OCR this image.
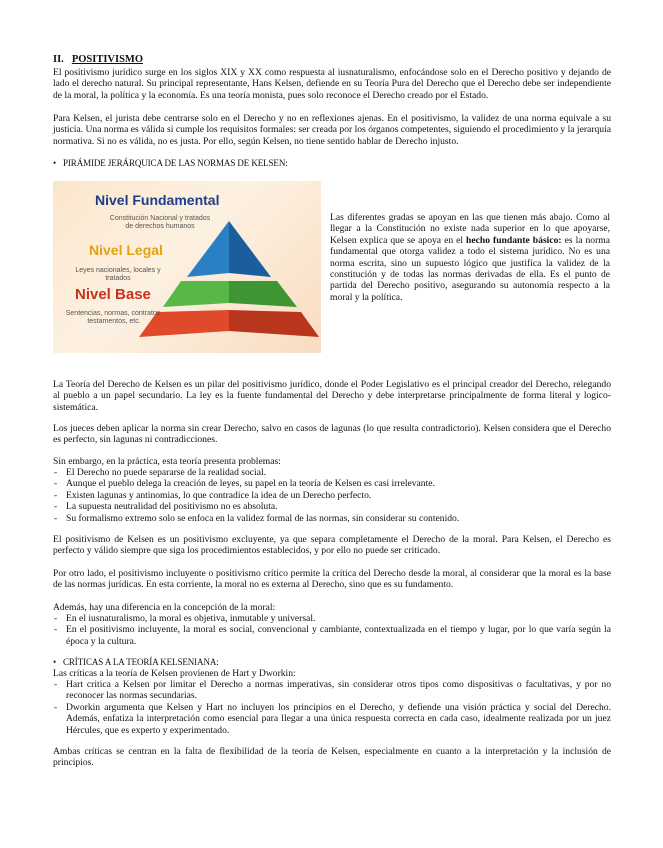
II. POSITIVISMO

El positivismo jurídico surge en los siglos XIX y XX como respuesta al iusnaturalismo, enfocándose solo en el Derecho positivo y dejando de lado el derecho natural. Su principal representante, Hans Kelsen, defiende en su Teoría Pura del Derecho que el Derecho debe ser independiente de la moral, la política y la economía. Es una teoría monista, pues solo reconoce el Derecho creado por el Estado.

Para Kelsen, el jurista debe centrarse solo en el Derecho y no en reflexiones ajenas. En el positivismo, la validez de una norma equivale a su justicia. Una norma es válida si cumple los requisitos formales: ser creada por los órganos competentes, siguiendo el procedimiento y la jerarquía normativa. Si no es válida, no es justa. Por ello, según Kelsen, no tiene sentido hablar de Derecho injusto.

• PIRÁMIDE JERÁRQUICA DE LAS NORMAS DE KELSEN:

Nivel Fundamental

Constitución Nacional y tratados de derechos humanos

Nivel Legal

Leyes nacionales, locales y tratados

Nivel Base

Sentencias, normas, contratos, testamentos, etc.

Las diferentes gradas se apoyan en las que tienen más abajo. Como al llegar a la Constitución no existe nada superior en lo que apoyarse, Kelsen explica que se apoya en el hecho fundante básico: es la norma fundamental que otorga validez a todo el sistema jurídico. No es una norma escrita, sino un supuesto lógico que justifica la validez de la constitución y de todas las normas derivadas de ella. Es el punto de partida del Derecho positivo, asegurando su autonomía respecto a la moral y la política.

La Teoría del Derecho de Kelsen es un pilar del positivismo jurídico, donde el Poder Legislativo es el principal creador del Derecho, relegando al pueblo a un papel secundario. La ley es la fuente fundamental del Derecho y debe interpretarse principalmente de forma literal y logico-sistemática.

Los jueces deben aplicar la norma sin crear Derecho, salvo en casos de lagunas (lo que resulta contradictorio). Kelsen considera que el Derecho es perfecto, sin lagunas ni contradicciones.

Sin embargo, en la práctica, esta teoría presenta problemas:

- El Derecho no puede separarse de la realidad social.
- Aunque el pueblo delega la creación de leyes, su papel en la teoría de Kelsen es casi irrelevante.
- Existen lagunas y antinomias, lo que contradice la idea de un Derecho perfecto.
- La supuesta neutralidad del positivismo no es absoluta.
- Su formalismo extremo solo se enfoca en la validez formal de las normas, sin considerar su contenido.

El positivismo de Kelsen es un positivismo excluyente, ya que separa completamente el Derecho de la moral. Para Kelsen, el Derecho es perfecto y válido siempre que siga los procedimientos establecidos, y por ello no puede ser criticado.

Por otro lado, el positivismo incluyente o positivismo crítico permite la crítica del Derecho desde la moral, al considerar que la moral es la base de las normas jurídicas. En esta corriente, la moral no es externa al Derecho, sino que es su fundamento.

Además, hay una diferencia en la concepción de la moral:

- En el iusnaturalismo, la moral es objetiva, inmutable y universal.
- En el positivismo incluyente, la moral es social, convencional y cambiante, contextualizada en el tiempo y lugar, por lo que varía según la época y la cultura.

• CRÍTICAS A LA TEORÍA KELSENIANA:

Las críticas a la teoría de Kelsen provienen de Hart y Dworkin:

- Hart critica a Kelsen por limitar el Derecho a normas imperativas, sin considerar otros tipos como dispositivas o facultativas, y por no reconocer las normas secundarias.
- Dworkin argumenta que Kelsen y Hart no incluyen los principios en el Derecho, y defiende una visión práctica y social del Derecho. Además, enfatiza la interpretación como esencial para llegar a una única respuesta correcta en cada caso, idealmente realizada por un juez Hércules, que es experto y experimentado.

Ambas críticas se centran en la falta de flexibilidad de la teoría de Kelsen, especialmente en cuanto a la interpretación y la inclusión de principios.
